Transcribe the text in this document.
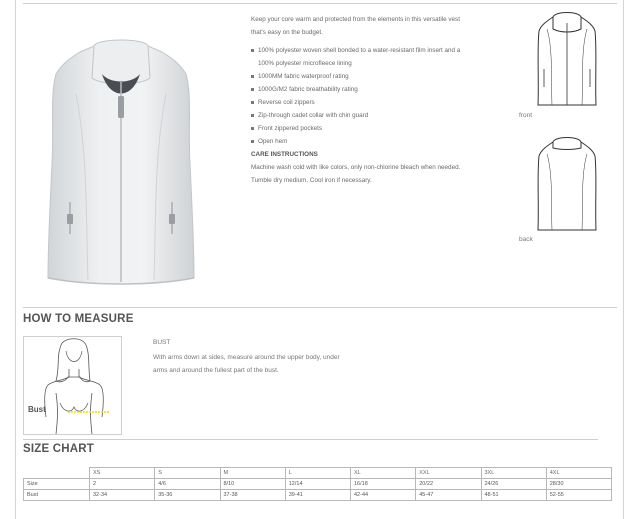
Keep your core warm and protected from the elements in this versatile vest that's easy on the budget.

100% polyester woven shell bonded to a water-resistant film insert and a 100% polyester microfleece lining
1000MM fabric waterproof rating
1000G/M2 fabric breathability rating
Reverse coil zippers
Zip-through cadet collar with chin guard
Front zippered pockets
Open hem

CARE INSTRUCTIONS

Machine wash cold with like colors, only non-chlorine bleach when needed. Tumble dry medium. Cool iron if necessary.

front
back
HOW TO MEASURE
Bust
BUST
With arms down at sides, measure around the upper body, under arms and around the fullest part of the bust.
SIZE CHART
	XS	S	M	L	XL	XXL	3XL	4XL
Size	2	4/6	8/10	12/14	16/18	20/22	24/26	28/30
Bust	32-34	35-36	37-38	39-41	42-44	45-47	48-51	52-55
